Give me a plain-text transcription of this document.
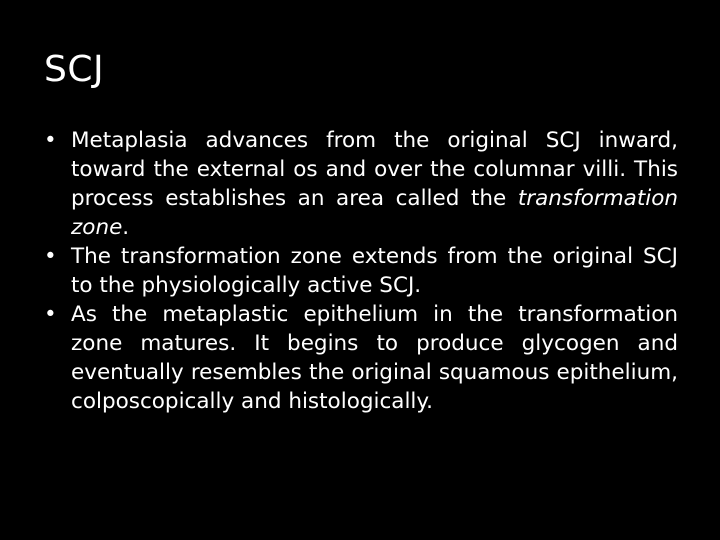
SCJ
• Metaplasia advances from the original SCJ inward, toward the external os and over the columnar villi. This process establishes an area called the transformation zone.
• The transformation zone extends from the original SCJ to the physiologically active SCJ.
• As the metaplastic epithelium in the transformation zone matures. It begins to produce glycogen and eventually resembles the original squamous epithelium, colposcopically and histologically.
